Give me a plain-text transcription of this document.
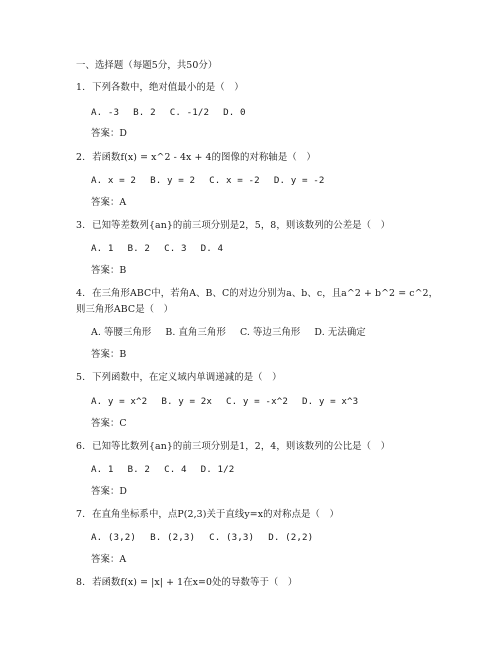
一、选择题（每题5分，共50分）
1. 下列各数中，绝对值最小的是（　）
A. -3 B. 2 C. -1/2 D. 0
答案：D
2. 若函数f(x) = x^2 - 4x + 4的图像的对称轴是（　）
A. x = 2 B. y = 2 C. x = -2 D. y = -2
答案：A
3. 已知等差数列{an}的前三项分别是2，5，8，则该数列的公差是（　）
A. 1 B. 2 C. 3 D. 4
答案：B
4. 在三角形ABC中，若角A、B、C的对边分别为a、b、c，且a^2 + b^2 = c^2，
则三角形ABC是（　）
A. 等腰三角形 B. 直角三角形 C. 等边三角形 D. 无法确定
答案：B
5. 下列函数中，在定义域内单调递减的是（　）
A. y = x^2 B. y = 2x C. y = -x^2 D. y = x^3
答案：C
6. 已知等比数列{an}的前三项分别是1，2，4，则该数列的公比是（　）
A. 1 B. 2 C. 4 D. 1/2
答案：D
7. 在直角坐标系中，点P(2,3)关于直线y=x的对称点是（　）
A. (3,2) B. (2,3) C. (3,3) D. (2,2)
答案：A
8. 若函数f(x) = |x| + 1在x=0处的导数等于（　）
